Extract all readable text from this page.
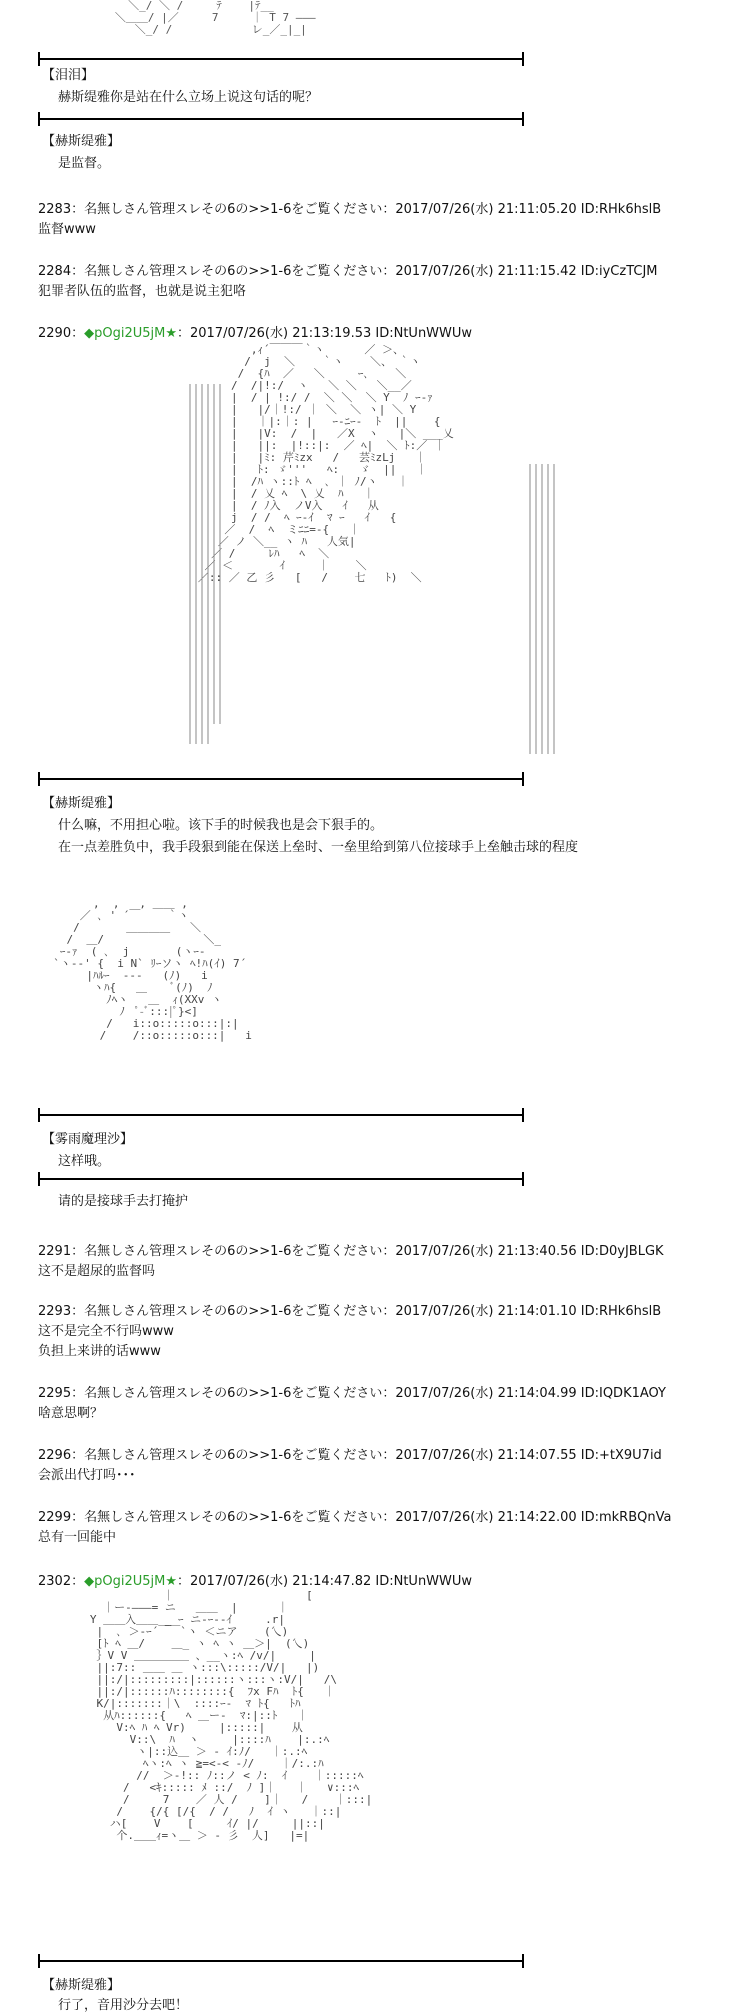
＼_/ ＼ /     ﾃ    |ﾃ__
＼＿＿/ |／     7     ｜ T 7 ―――
＼_/ /            レ_／_|_|
【泪泪】
赫斯缇雅你是站在什么立场上说这句话的呢？
【赫斯缇雅】
是监督。
2283：名無しさん管理スレその6の>>1-6をご覧ください：2017/07/26(水) 21:11:05.20 ID:RHk6hslB
监督www
2284：名無しさん管理スレその6の>>1-6をご覧ください：2017/07/26(水) 21:11:15.42 ID:iyCzTCJM
犯罪者队伍的监督，也就是说主犯咯
2290：◆pOgi2U5jM★：2017/07/26(水) 21:13:19.53 ID:NtUnWWUw
,ｨ´￣￣￣｀ヽ      ／ ＞、
/  j  ＼    ｀ヽ    ＼、 ｀ヽ
/  {ﾊ  ／   ＼     ｰ､    ＼
/  /|!:/  ヽ   ＼ ＼   ＼__／
|  / | !:/ /  ＼ ＼  ＼ Y  ﾉ ｰ-ｧ
|   |/｜!:/ ｜ ＼  ＼ ヽ| ＼ Y
|   ｜|:｜: |   ｰ-ﾆｰ-  ﾄ  ||    {
|   |V:  /  |   ／X  ヽ   |＼ ___乂
|   ||:  |!::|:  ／ ﾍ|  ＼ ﾄ:／ ｜
|   |ﾐ: 芹ﾐzx   /   芸ﾐzLj   ｜
|   ﾄ: ゞ'''   ﾍ:   ゞ  ||   ｜
|  /ﾊ ヽ::ﾄ ﾍ  ､ ｜ ﾉ/ヽ   ｜
|  / 乂 ﾍ  \ 乂  ﾊ   ｜
|  / ﾉ入  ノV入   ｲ   从
j  / /  ﾍ ｰ-ｲ  ﾏ ｰ   ｲ   {
／  /  ﾍ  ミﾆﾆ=-{   ｜
／ ノ ＼__ ヽ ﾊ   人気|
／ /     ﾚﾊ   ﾍ  ＼
／ ＜       ｲ     ｜    ＼
／:: ／ 乙 彡   [   /    七   ﾄ)  ＼
【赫斯缇雅】
什么嘛，不用担心啦。该下手的时候我也是会下狠手的。
在一点差胜负中，我手段狠到能在保送上垒时、一垒里给到第八位接球手上垒触击球的程度
,  ,   , ＿＿ ,
／ ､ ' ´￣    ｀ヽ
/       ＿＿＿＿   ＼
/  ＿/               ＼_
ｰ-ｧ  ( ､  j       (ヽｰ-
`ヽ--' {  i N` ﾘｰソヽ ﾍ!ﾊ(ｲ) 7´
|ﾊﾙｰ  ---   (ﾉ)   i
ヽﾊ{   ＿    ﾞ(ﾉ)  ﾉ
ﾉﾍヽ   ＿  ｨ(XXv ヽ
ﾉ  ﾟ-ﾞ:::|ﾟ}<]
/   i::o:::::o:::|:|
/    /::o:::::o:::|   i
【雾雨魔理沙】
这样哦。
请的是接球手去打掩护
2291：名無しさん管理スレその6の>>1-6をご覧ください：2017/07/26(水) 21:13:40.56 ID:D0yJBLGK
这不是超尿的监督吗
2293：名無しさん管理スレその6の>>1-6をご覧ください：2017/07/26(水) 21:14:01.10 ID:RHk6hslB
这不是完全不行吗www
负担上来讲的话www
2295：名無しさん管理スレその6の>>1-6をご覧ください：2017/07/26(水) 21:14:04.99 ID:IQDK1AOY
啥意思啊？
2296：名無しさん管理スレその6の>>1-6をご覧ください：2017/07/26(水) 21:14:07.55 ID:+tX9U7id
会派出代打吗･･･
2299：名無しさん管理スレその6の>>1-6をご覧ください：2017/07/26(水) 21:14:22.00 ID:mkRBQnVa
总有一回能中
2302：◆pOgi2U5jM★：2017/07/26(水) 21:14:47.82 ID:NtUnWWUw
｜                    [
｜ー-―――= ニ   ＿＿  |      ｜
Y ＿＿入＿＿ _ ｰ ニ-ｰ--ｲ     .r|
|  ､ ＞-ｰ´￣￣`ヽ ＜ニア    (乀)
[ﾄ ﾍ ＿/    ＿_ ヽ ﾍ ヽ ＿＞|  (乀)
｝V V ＿＿＿＿＿ 、__ヽ:ﾍ /v/|     |
||:7:: ＿＿ ＿ ヽ:::\:::::/V/|   |)
||:/|:::::::::|::::::ヽ:::ヽ:V/|   /\
||:/|::::::ﾊ::::::::{  ﾌx Fﾊ  ﾄ{   ｜
K/|:::::::｜\  ::::ｰ-  ﾏ ﾄ{   ﾄﾊ
从ﾊ::::::{   ﾍ ＿ー-  ﾏ:|::ﾄ   ｜
V:ﾍ ﾊ ﾍ Vr)     |:::::|    从
V::\  ﾊ  ヽ     |::::ﾊ    |:.:ﾍ
ヽ|::込＿ ＞ - ｲ:ﾉ/   ｜:.:ﾍ
ﾍヽ:ﾍ ヽ ≧=<-< -ﾉ/    ｜/:.:ﾊ
//  ＞-!:: ﾉ::ノ < ﾉ:  ｲ    ｜:::::ﾍ
/   <ｷ::::: ﾒ ::/  ﾉ ]｜   ｜   ∨:::ﾍ
/     7    ／ 人 /    ]｜   /    ｜:::|
/    {/{ [/{  / /   ﾉ  ｲ ヽ   ｜::|
ハ[    V    [     ｲ/ |/     ||::|
个.＿＿ｨ=ヽ＿ ＞ - 彡  人]   |=|
【赫斯缇雅】
行了，音用沙分去吧！
